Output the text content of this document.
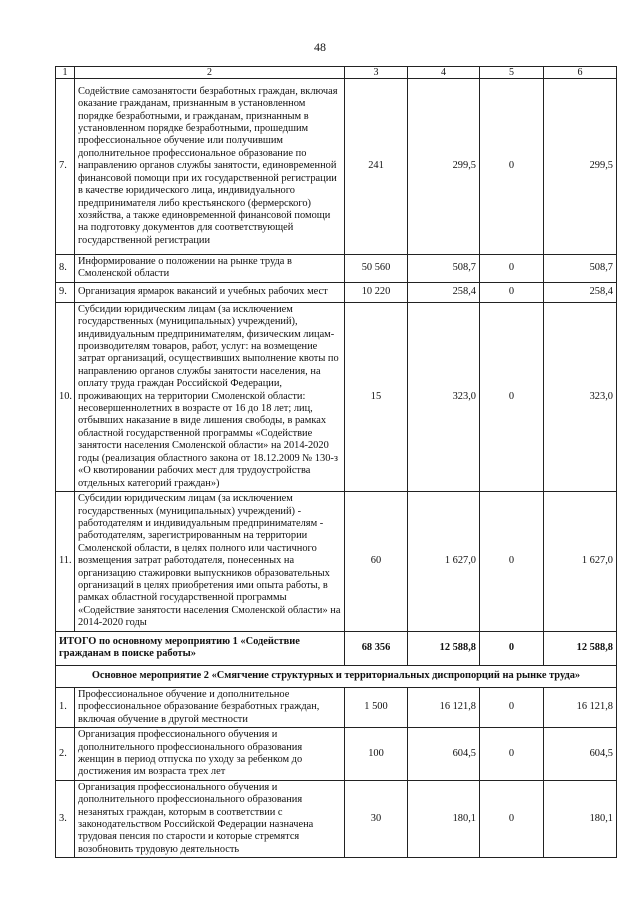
48
1	2	3	4	5	6
7.	Содействие самозанятости безработных граждан, включая оказание гражданам, признанным в установленном порядке безработными, и гражданам, признанным в установленном порядке безработными, прошедшим профессиональное обучение или получившим дополнительное профессиональное образование по направлению органов службы занятости, единовременной финансовой помощи при их государственной регистрации в качестве юридического лица, индивидуального предпринимателя либо крестьянского (фермерского) хозяйства, а также единовременной финансовой помощи на подготовку документов для соответствующей государственной регистрации	241	299,5	0	299,5
8.	Информирование о положении на рынке труда в Смоленской области	50 560	508,7	0	508,7
9.	Организация ярмарок вакансий и учебных рабочих мест	10 220	258,4	0	258,4
10.	Субсидии юридическим лицам (за исключением государственных (муниципальных) учреждений), индивидуальным предпринимателям, физическим лицам- производителям товаров, работ, услуг: на возмещение затрат организаций, осуществивших выполнение квоты по направлению органов службы занятости населения, на оплату труда граждан Российской Федерации, проживающих на территории Смоленской области: несовершеннолетних в возрасте от 16 до 18 лет; лиц, отбывших наказание в виде лишения свободы, в рамках областной государственной программы «Содействие занятости населения Смоленской области» на 2014-2020 годы (реализация областного закона от 18.12.2009 № 130-з «О квотировании рабочих мест для трудоустройства отдельных категорий граждан»)	15	323,0	0	323,0
11.	Субсидии юридическим лицам (за исключением государственных (муниципальных) учреждений) - работодателям и индивидуальным предпринимателям - работодателям, зарегистрированным на территории Смоленской области, в целях полного или частичного возмещения затрат работодателя, понесенных на организацию стажировки выпускников образовательных организаций в целях приобретения ими опыта работы, в рамках областной государственной программы «Содействие занятости населения Смоленской области» на 2014-2020 годы	60	1 627,0	0	1 627,0
ИТОГО по основному мероприятию 1 «Содействие гражданам в поиске работы»		68 356	12 588,8	0	12 588,8
Основное мероприятие 2 «Смягчение структурных и территориальных диспропорций на рынке труда»					
1.	Профессиональное обучение и дополнительное профессиональное образование безработных граждан, включая обучение в другой местности	1 500	16 121,8	0	16 121,8
2.	Организация профессионального обучения и дополнительного профессионального образования женщин в период отпуска по уходу за ребенком до достижения им возраста трех лет	100	604,5	0	604,5
3.	Организация профессионального обучения и дополнительного профессионального образования незанятых граждан, которым в соответствии с законодательством Российской Федерации назначена трудовая пенсия по старости и которые стремятся возобновить трудовую деятельность	30	180,1	0	180,1
